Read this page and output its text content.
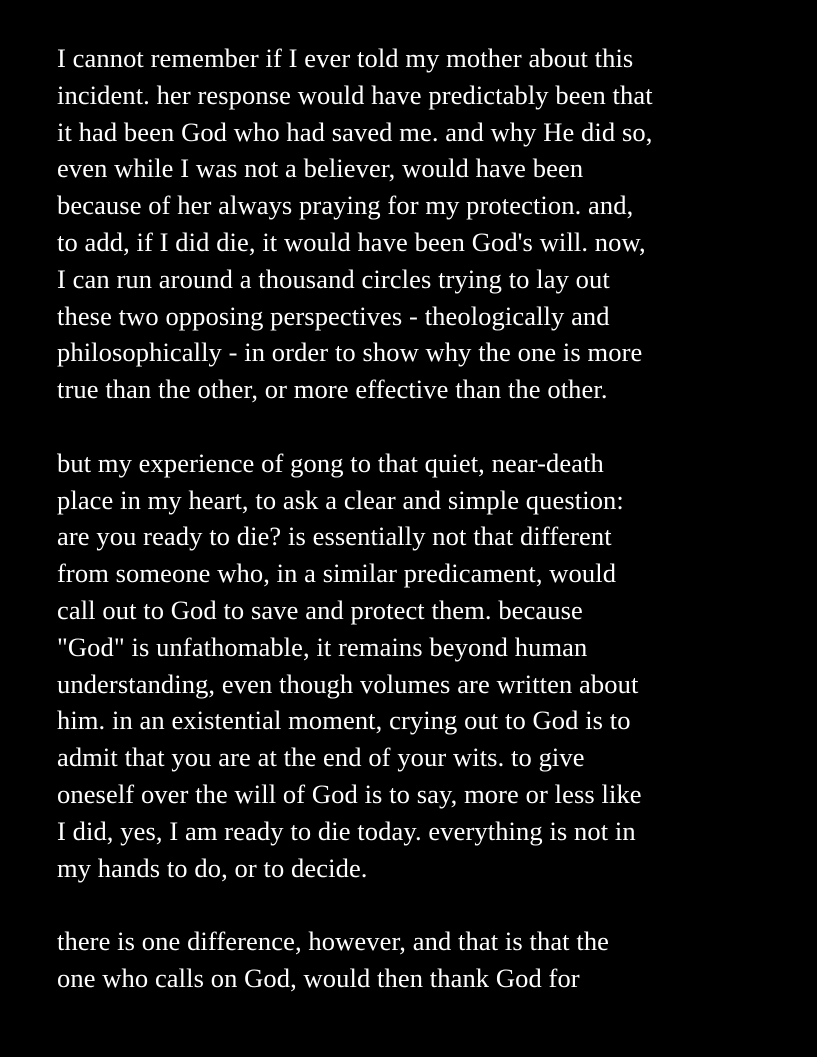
I cannot remember if I ever told my mother about this
incident. her response would have predictably been that
it had been God who had saved me. and why He did so,
even while I was not a believer, would have been
because of her always praying for my protection. and,
to add, if I did die, it would have been God's will. now,
I can run around a thousand circles trying to lay out
these two opposing perspectives - theologically and
philosophically - in order to show why the one is more
true than the other, or more effective than the other.

but my experience of gong to that quiet, near-death
place in my heart, to ask a clear and simple question:
are you ready to die? is essentially not that different
from someone who, in a similar predicament, would
call out to God to save and protect them. because
"God" is unfathomable, it remains beyond human
understanding, even though volumes are written about
him. in an existential moment, crying out to God is to
admit that you are at the end of your wits. to give
oneself over the will of God is to say, more or less like
I did, yes, I am ready to die today. everything is not in
my hands to do, or to decide.

there is one difference, however, and that is that the
one who calls on God, would then thank God for
